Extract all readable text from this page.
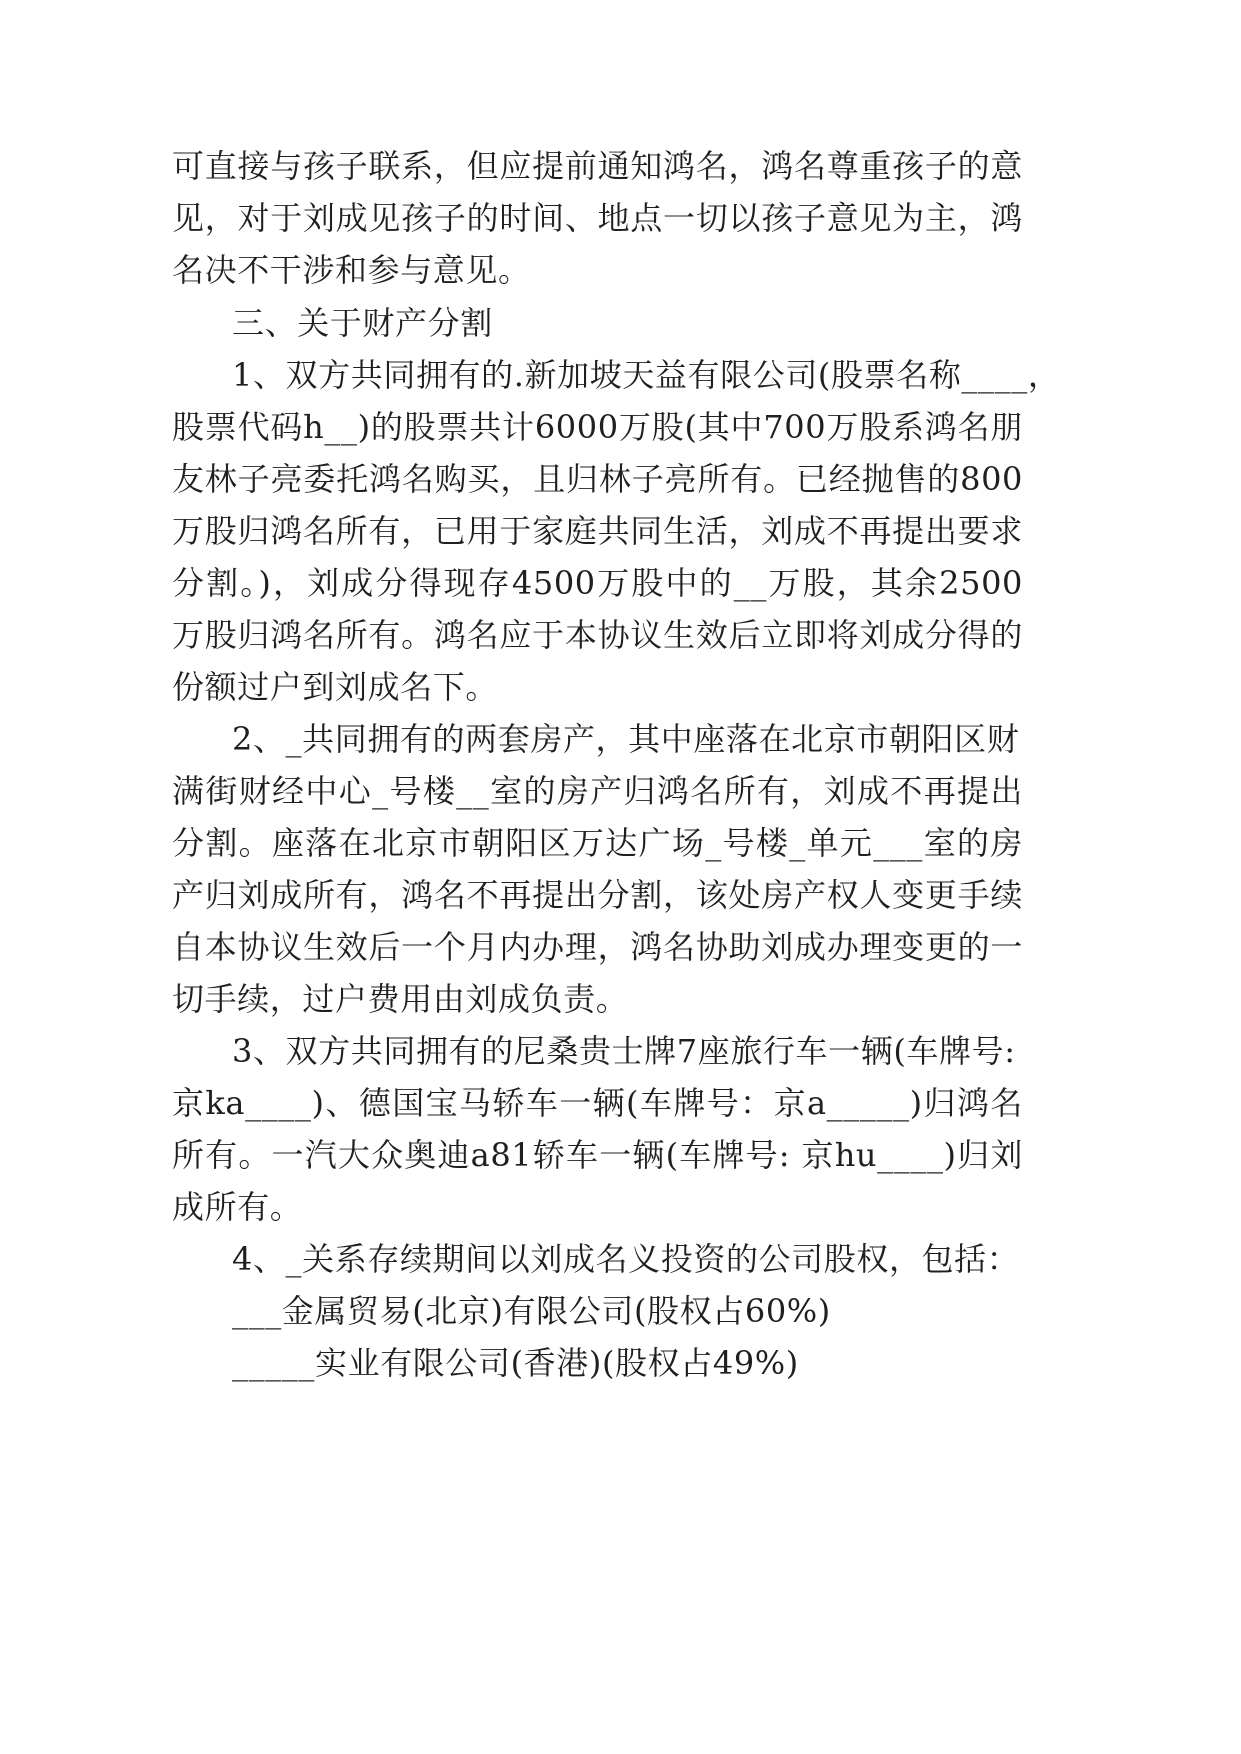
可直接与孩子联系，但应提前通知鸿名，鸿名尊重孩子的意

见，对于刘成见孩子的时间、地点一切以孩子意见为主，鸿

名决不干涉和参与意见。

三、关于财产分割

1、双方共同拥有的.新加坡天益有限公司(股票名称____，

股票代码h__)的股票共计6000万股(其中700万股系鸿名朋

友林子亮委托鸿名购买，且归林子亮所有。已经抛售的800

万股归鸿名所有，已用于家庭共同生活，刘成不再提出要求

分割。)，刘成分得现存4500万股中的__万股，其余2500

万股归鸿名所有。鸿名应于本协议生效后立即将刘成分得的

份额过户到刘成名下。

2、_共同拥有的两套房产，其中座落在北京市朝阳区财

满街财经中心_号楼__室的房产归鸿名所有，刘成不再提出

分割。座落在北京市朝阳区万达广场_号楼_单元___室的房

产归刘成所有，鸿名不再提出分割，该处房产权人变更手续

自本协议生效后一个月内办理，鸿名协助刘成办理变更的一

切手续，过户费用由刘成负责。

3、双方共同拥有的尼桑贵士牌7座旅行车一辆(车牌号:

京ka____)、德国宝马轿车一辆(车牌号：京a_____)归鸿名

所有。一汽大众奥迪a81轿车一辆(车牌号: 京hu____)归刘

成所有。

4、_关系存续期间以刘成名义投资的公司股权，包括：

___金属贸易(北京)有限公司(股权占60%)

_____实业有限公司(香港)(股权占49%)
